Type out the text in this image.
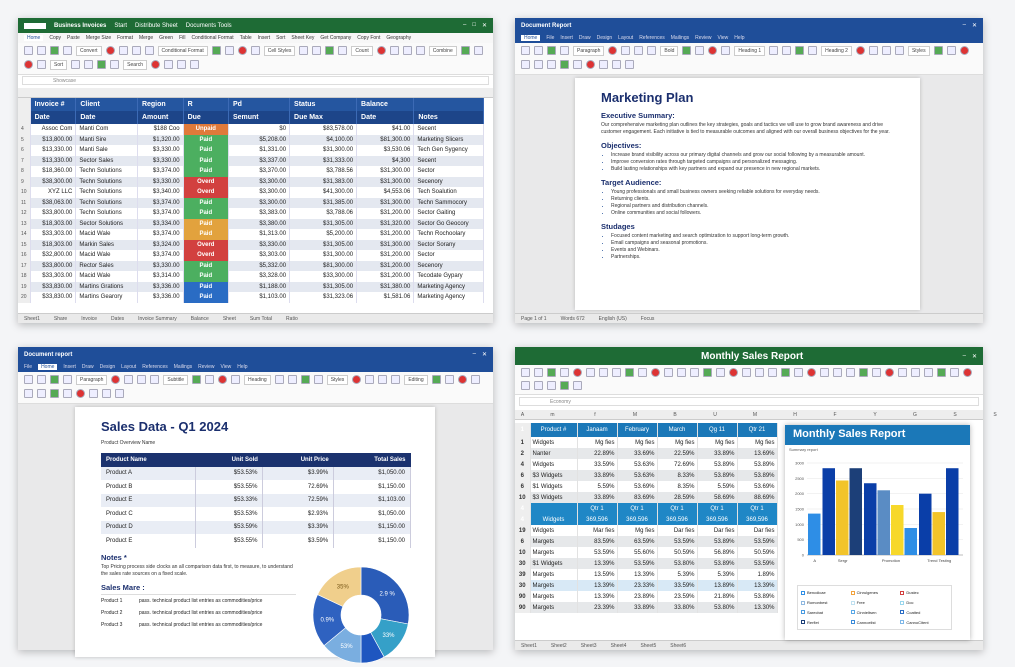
Business Invoices Start Distribute Sheet Documents Tools	– □ ✕
Home	Copy Paste Merge Size Format Merge Green Fill Conditional Format Table Insert Sort Sheet Key Get Company Copy Font Geography
Convert	Conditional Format	Cell Styles	Count	Combine
Sort	Search
Showcase
	Invoice #	Client	Region	R	Pd	Status	Balance	
	Date	Date	Amount	Due	Semunt	Due Max	Date	Notes
4	Assoc Com	Manti Com	$188 Coo	Unpaid	$0	$83,578.00	$41.00	Secent
5	$13,800.00	Manti Sire	$1,320.00	Paid	$5,208.00	$4,100.00	$81,300.00	Marketing Slicers
6	$13,330.00	Manti Sale	$3,330.00	Paid	$1,331.00	$31,300.00	$3,530.06	Tech Gen Sygency
7	$13,330.00	Sector Sales	$3,330.00	Paid	$3,337.00	$31,333.00	$4,300	Secent
8	$18,360.00	Techn Solutions	$3,374.00	Paid	$3,370.00	$3,788.56	$31,300.00	Sector
9	$38,300.00	Techn Solutions	$3,330.00	Overd	$3,300.00	$31,383.00	$31,300.00	Secenory
10	XYZ LLC	Techn Solutions	$3,340.00	Overd	$3,300.00	$41,300.00	$4,553.06	Tech Soalution
11	$38,063.00	Techn Solutions	$3,374.00	Paid	$3,300.00	$31,385.00	$31,300.00	Techn Sammocory
12	$33,800.00	Techn Solutions	$3,374.00	Paid	$3,383.00	$3,788.06	$31,200.00	Sector Gaiting
13	$18,303.00	Sector Solutions	$3,334.00	Paid	$3,380.00	$31,305.00	$31,320.00	Sector Go Geocory
14	$33,303.00	Macid Wale	$3,374.00	Paid	$1,313.00	$5,200.00	$31,200.00	Techn Rochoolary
15	$18,303.00	Markin Sales	$3,324.00	Overd	$3,330.00	$31,305.00	$31,300.00	Sector Sorany
16	$32,800.00	Macid Wale	$3,374.00	Overd	$3,303.00	$31,300.00	$31,200.00	Sector
17	$33,800.00	Rector Sales	$3,330.00	Paid	$5,332.00	$81,300.00	$31,200.00	Secenory
18	$33,303.00	Macid Wale	$3,314.00	Paid	$3,328.00	$33,300.00	$31,200.00	Tecodate Gypary
19	$33,830.00	Martins Grations	$3,336.00	Paid	$1,188.00	$31,305.00	$31,380.00	Marketing Agency
20	$33,830.00	Martins Gearory	$3,336.00	Paid	$1,103.00	$31,323.06	$1,581.06	Marketing Agency
Sheet1	Share	Invoice	Dates	Invoice Summary	Balance	Sheet	Sum Total	Ratio
Document Report	– ✕
Home	File Insert Draw Design Layout References Mailings Review View Help
Paragraph	Bold	Heading 1	Heading 2	Styles
Marketing Plan
Executive Summary:

Our comprehensive marketing plan outlines the key strategies, goals and tactics we will use to grow brand awareness and drive customer engagement. Each initiative is tied to measurable outcomes and aligned with our overall business objectives for the year.

Objectives:
• Increase brand visibility across our primary digital channels and grow our social following by a measurable amount.
• Improve conversion rates through targeted campaigns and personalized messaging.
• Build lasting relationships with key partners and expand our presence in new regional markets.
Target Audience:
• Young professionals and small business owners seeking reliable solutions for everyday needs.
• Returning clients.
• Regional partners and distribution channels.
• Online communities and social followers.
Studages
• Focused content marketing and search optimization to support long-term growth.
• Email campaigns and seasonal promotions.
• Events and Webinars.
• Partnerships.
Page 1 of 1	Words 672	English (US)	Focus
Document report	– ✕
File	Home	Insert Draw Design Layout References Mailings Review View Help
Paragraph	Subtitle	Heading	Styles	Editing
Sales Data - Q1 2024

Product Overview Name

Product Name	Unit Sold	Unit Price	Total Sales
Product A	$53.53%	$3.99%	$1,050.00
Product B	$53.55%	72.69%	$1,150.00
Product E	$53.33%	72.59%	$1,103.00
Product C	$53.53%	$2.93%	$1,050.00
Product D	$53.59%	$3.39%	$1,150.00
Product E	$53.55%	$3.59%	$1,150.00
Notes *

Top Pricing process side clocks an all comparison data first, to measure, to understand the sales rate sources on a fixed scale.

Sales Mare :
Product 1	pass. technical product list entries as commodities/price
Product 2	pass. technical product list entries as commodities/price
Product 3	pass. technical product list entries as commodities/price
2.9 %
33%
53%
0.9%
35%
Monthly Sales Report	– ✕
Economy
A	m	f	M	B	U	M	H	F	Y	G	S	S
1	Product #	Janaam	February	March	Qg 11	Qtr 21
1	Widgets	Mg fies	Mg fies	Mg fies	Mg fies	Mg fies
2	Nanter	22.89%	33.69%	22.59%	33.89%	13.69%
4	Widgets	33.59%	53.63%	72.69%	53.89%	53.89%
6	$3 Widgets	33.89%	53.63%	8.33%	53.89%	53.89%
6	$1 Widgets	5.59%	53.69%	8.35%	5.59%	53.69%
10	$3 Widgets	33.89%	83.69%	28.59%	58.69%	88.69%
4		Qtr 1	Qtr 1	Qtr 1	Qtr 1	Qtr 1
4	Widgets	369,596	369,596	369,596	369,596	369,596
19	Widgets	Mar fies	Mg fies	Dar fies	Dar fies	Dar fies
6	Margets	83.59%	63.59%	53.59%	53.89%	53.59%
10	Margets	53.59%	55.60%	50.59%	56.89%	50.59%
30	$1 Widgets	13.39%	53.59%	53.80%	53.89%	53.59%
39	Margets	13.59%	13.39%	5.39%	5.39%	1.89%
30	Margets	13.39%	23.33%	33.59%	13.89%	13.39%
90	Margets	13.39%	23.89%	23.59%	21.89%	53.89%
90	Margets	23.39%	33.89%	33.80%	53.80%	13.30%
Sheet1	Sheet2	Sheet3	Sheet4	Sheet5	Sheet6
Monthly Sales Report
Summary report
0
500
1000
1500
2000
2500
3000
A	Sergr	Promotion	Trend Testing
Bencdicae	Cinrulgenes	Dustec
Romonbest	Free	Doc
Sarecbat	Cinnieltsen	Coatted
Rerflet	Cannoelist	CannoCitent
